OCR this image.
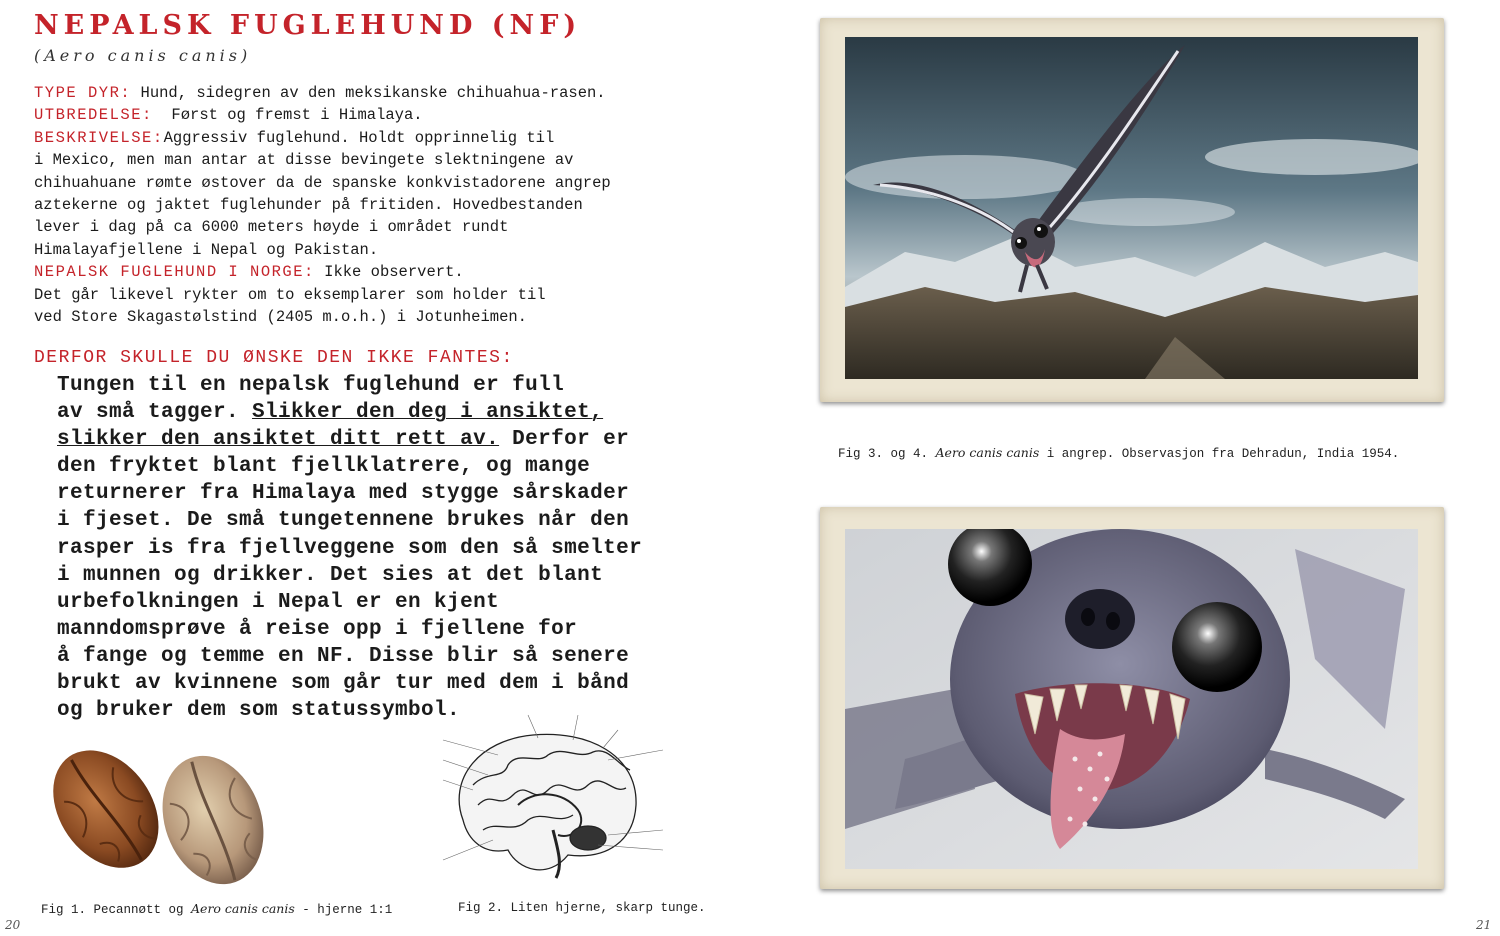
NEPALSK FUGLEHUND (NF)
(Aero canis canis)
TYPE DYR: Hund, sidegren av den meksikanske chihuahua-rasen.
UTBREDELSE:  Først og fremst i Himalaya.
BESKRIVELSE:Aggressiv fuglehund. Holdt opprinnelig til
i Mexico, men man antar at disse bevingete slektningene av
chihuahuane rømte østover da de spanske konkvistadorene angrep
aztekerne og jaktet fuglehunder på fritiden. Hovedbestanden
lever i dag på ca 6000 meters høyde i området rundt
Himalayafjellene i Nepal og Pakistan.
NEPALSK FUGLEHUND I NORGE: Ikke observert.
Det går likevel rykter om to eksemplarer som holder til
ved Store Skagastølstind (2405 m.o.h.) i Jotunheimen.
DERFOR SKULLE DU ØNSKE DEN IKKE FANTES:
Tungen til en nepalsk fuglehund er full
av små tagger. Slikker den deg i ansiktet,
slikker den ansiktet ditt rett av. Derfor er
den fryktet blant fjellklatrere, og mange
returnerer fra Himalaya med stygge sårskader
i fjeset. De små tungetennene brukes når den
rasper is fra fjellveggene som den så smelter
i munnen og drikker. Det sies at det blant
urbefolkningen i Nepal er en kjent
manndomsprøve å reise opp i fjellene for
å fange og temme en NF. Disse blir så senere
brukt av kvinnene som går tur med dem i bånd
og bruker dem som statussymbol.
Fig 1. Pecannøtt og Aero canis canis - hjerne 1:1	Fig 2. Liten hjerne, skarp tunge.
20
Fig 3. og 4. Aero canis canis i angrep. Observasjon fra Dehradun, India 1954.
21
